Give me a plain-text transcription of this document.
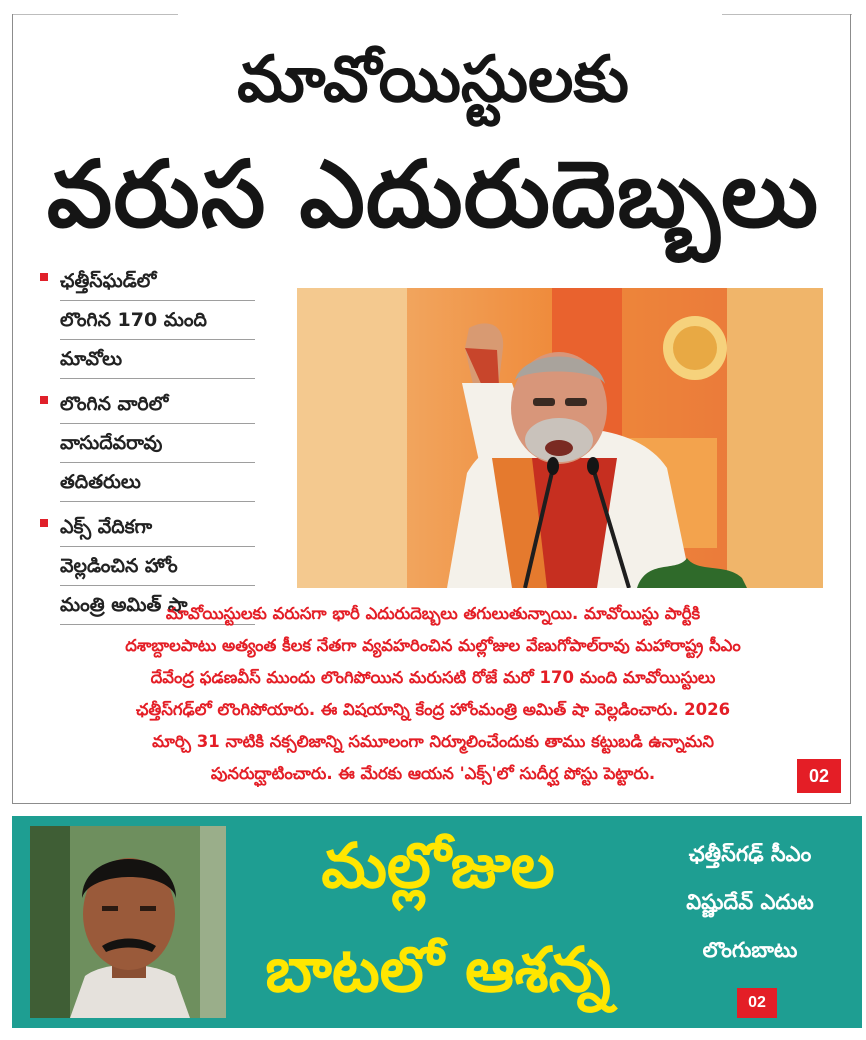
మావోయిస్టులకు
వరుస ఎదురుదెబ్బలు
ఛత్తీస్‌ఘడ్‌లో
లొంగిన 170 మంది
మావోలు
లొంగిన వారిలో
వాసుదేవరావు
తదితరులు
ఎక్స్ వేదికగా
వెల్లడించిన హోం
మంత్రి అమిత్ షా
మావోయిస్టులకు వరుసగా భారీ ఎదురుదెబ్బలు తగులుతున్నాయి. మావోయిస్టు పార్టీకి
దశాబ్దాలపాటు అత్యంత కీలక నేతగా వ్యవహరించిన మల్లోజుల వేణుగోపాల్‌రావు మహారాష్ట్ర సీఎం
దేవేంద్ర ఫడణవీస్ ముందు లొంగిపోయిన మరుసటి రోజే మరో 170 మంది మావోయిస్టులు
ఛత్తీస్‌గఢ్‌లో లొంగిపోయారు. ఈ విషయాన్ని కేంద్ర హోంమంత్రి అమిత్ షా వెల్లడించారు. 2026
మార్చి 31 నాటికి నక్సలిజాన్ని సమూలంగా నిర్మూలించేందుకు తాము కట్టుబడి ఉన్నామని
పునరుద్ఘాటించారు. ఈ మేరకు ఆయన 'ఎక్స్'లో సుదీర్ఘ పోస్టు పెట్టారు.	02
మల్లోజుల
బాటలో ఆశన్న
ఛత్తీస్‌గఢ్ సీఎం
విష్ణుదేవ్ ఎదుట
లొంగుబాటు
02
